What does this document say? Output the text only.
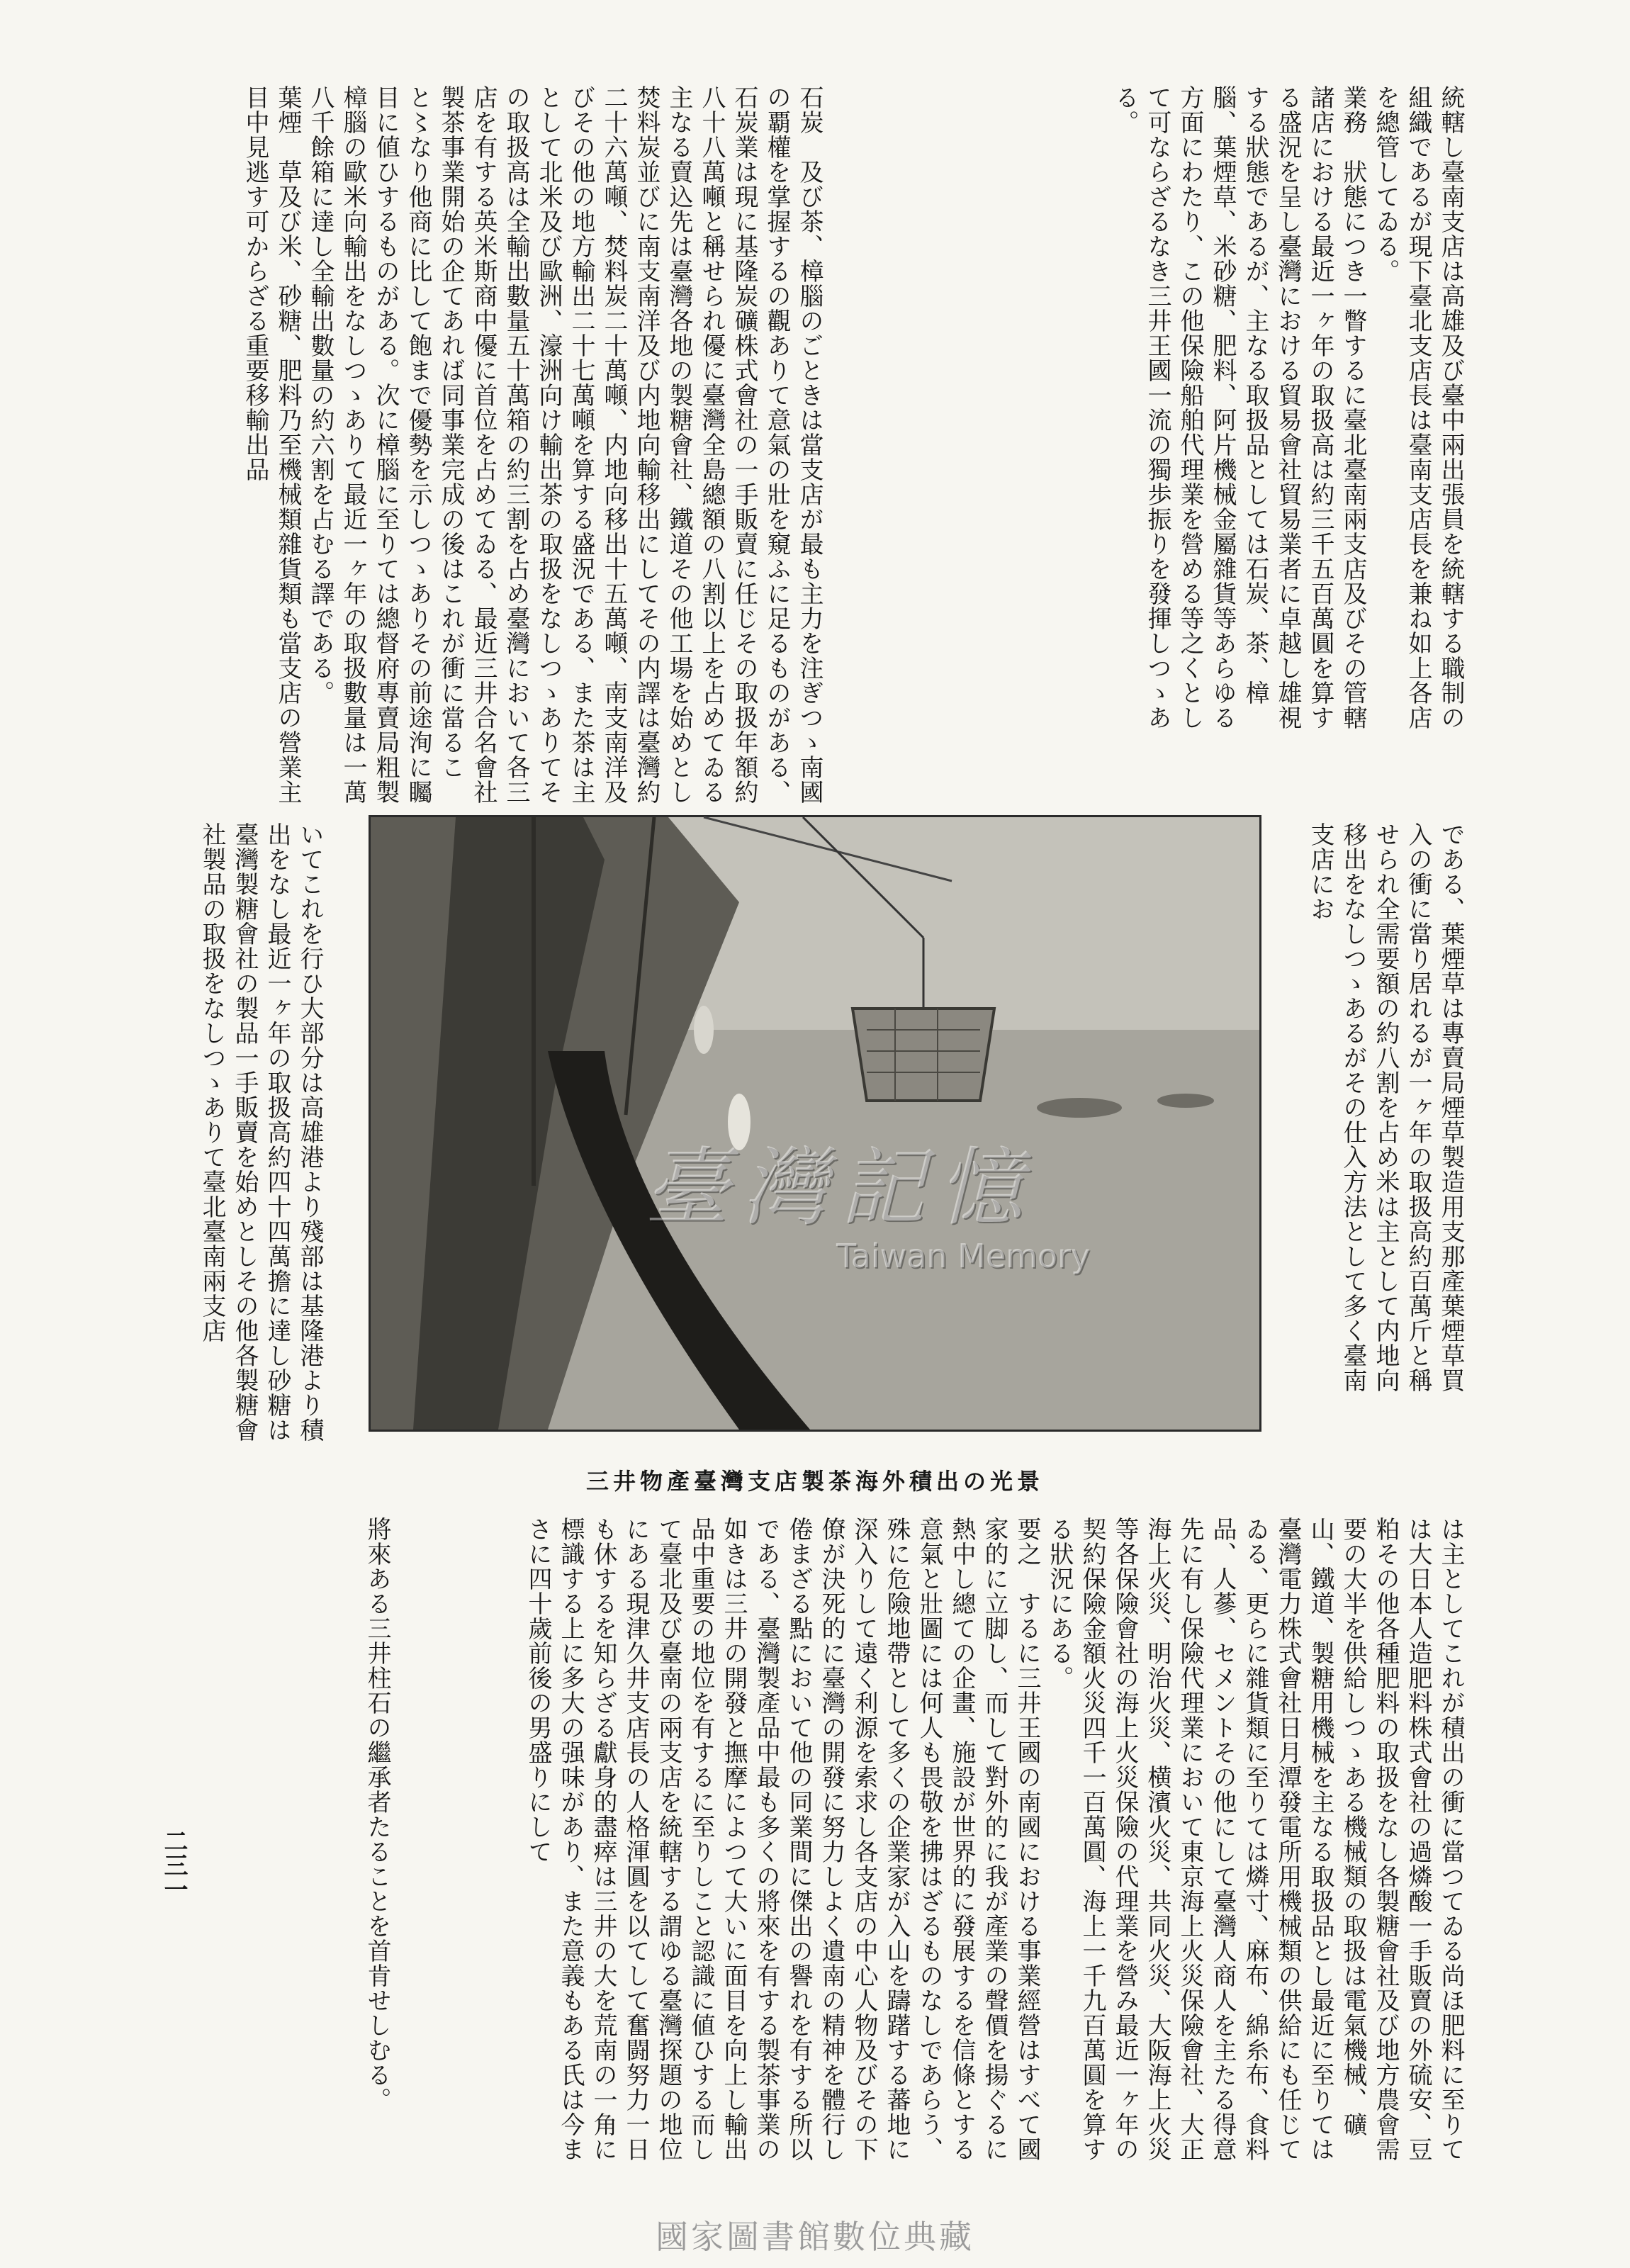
統轄し臺南支店は高雄及び臺中兩出張員を統轄する職制の組織であるが現下臺北支店長は臺南支店長を兼ね如上各店を總管してゐる。

業務　狀態につき一瞥するに臺北臺南兩支店及びその管轄諸店における最近一ヶ年の取扱高は約三千五百萬圓を算する盛況を呈し臺灣における貿易會社貿易業者に卓越し雄視する狀態であるが、主なる取扱品としては石炭、茶、樟腦、葉煙草、米砂糖、肥料、阿片機械金屬雜貨等あらゆる方面にわたり、この他保險船舶代理業を營める等之くとして可ならざるなき三井王國一流の獨歩振りを發揮しつゝある。

石炭　及び茶、樟腦のごときは當支店が最も主力を注ぎつゝ南國の覇權を掌握するの觀ありて意氣の壯を窺ふに足るものがある、石炭業は現に基隆炭礦株式會社の一手販賣に任じその取扱年額約八十八萬噸と稱せられ優に臺灣全島總額の八割以上を占めてゐる主なる賣込先は臺灣各地の製糖會社、鐵道その他工場を始めとし焚料炭並びに南支南洋及び内地向輸移出にしてその内譯は臺灣約二十六萬噸、焚料炭二十萬噸、内地向移出十五萬噸、南支南洋及びその他の地方輸出二十七萬噸を算する盛況である、また茶は主として北米及び歐洲、濠洲向け輸出茶の取扱をなしつゝありてその取扱高は全輸出數量五十萬箱の約三割を占め臺灣において各三店を有する英米斯商中優に首位を占めてゐる、最近三井合名會社製茶事業開始の企てあれば同事業完成の後はこれが衝に當ること〻なり他商に比して飽まで優勢を示しつゝありその前途洵に矚目に値ひするものがある。次に樟腦に至りては總督府專賣局粗製樟腦の歐米向輸出をなしつゝありて最近一ヶ年の取扱數量は一萬八千餘箱に達し全輸出數量の約六割を占むる譯である。

葉煙　草及び米、砂糖、肥料乃至機械類雜貨類も當支店の營業主目中見逃す可からざる重要移輸出品

臺灣記憶
Taiwan Memory	である、葉煙草は專賣局煙草製造用支那產葉煙草買入の衝に當り居れるが一ヶ年の取扱高約百萬斤と稱せられ全需要額の約八割を占め米は主として内地向移出をなしつゝあるがその仕入方法として多く臺南支店にお
いてこれを行ひ大部分は高雄港より殘部は基隆港より積出をなし最近一ヶ年の取扱高約四十四萬擔に達し砂糖は臺灣製糖會社の製品一手販賣を始めとしその他各製糖會社製品の取扱をなしつゝありて臺北臺南兩支店
三井物產臺灣支店製茶海外積出の光景

は主としてこれが積出の衝に當つてゐる尚ほ肥料に至りては大日本人造肥料株式會社の過燐酸一手販賣の外硫安、豆粕その他各種肥料の取扱をなし各製糖會社及び地方農會需要の大半を供給しつゝある機械類の取扱は電氣機械、礦山、鐵道、製糖用機械を主なる取扱品とし最近に至りては臺灣電力株式會社日月潭發電所用機械類の供給にも任じてゐる、更らに雜貨類に至りては燐寸、麻布、綿糸布、食料品、人蔘、セメントその他にして臺灣人商人を主たる得意先に有し保險代理業において東京海上火災保險會社、大正海上火災、明治火災、横濱火災、共同火災、大阪海上火災等各保險會社の海上火災保險の代理業を營み最近一ヶ年の契約保險金額火災四千一百萬圓、海上一千九百萬圓を算する狀況にある。

要之　するに三井王國の南國における事業經營はすべて國家的に立脚し、而して對外的に我が產業の聲價を揚ぐるに熱中し總ての企畫、施設が世界的に發展するを信條とする意氣と壯圖には何人も畏敬を拂はざるものなしであらう、殊に危險地帶として多くの企業家が入山を躊躇する蕃地に深入りして遠く利源を索求し各支店の中心人物及びその下僚が決死的に臺灣の開發に努力しよく遺南の精神を體行し倦まざる點において他の同業間に傑出の譽れを有する所以である、臺灣製產品中最も多くの將來を有する製茶事業の如きは三井の開發と撫摩によつて大いに面目を向上し輸出品中重要の地位を有するに至りしこと認識に値ひする而して臺北及び臺南の兩支店を統轄する謂ゆる臺灣探題の地位にある現津久井支店長の人格渾圓を以てして奮闘努力一日も休するを知らざる獻身的盡瘁は三井の大を荒南の一角に標識する上に多大の强味があり、また意義もある氏は今まさに四十歲前後の男盛りにして

將來ある三井柱石の繼承者たることを首肯せしむる。
二三一
國家圖書館數位典藏
